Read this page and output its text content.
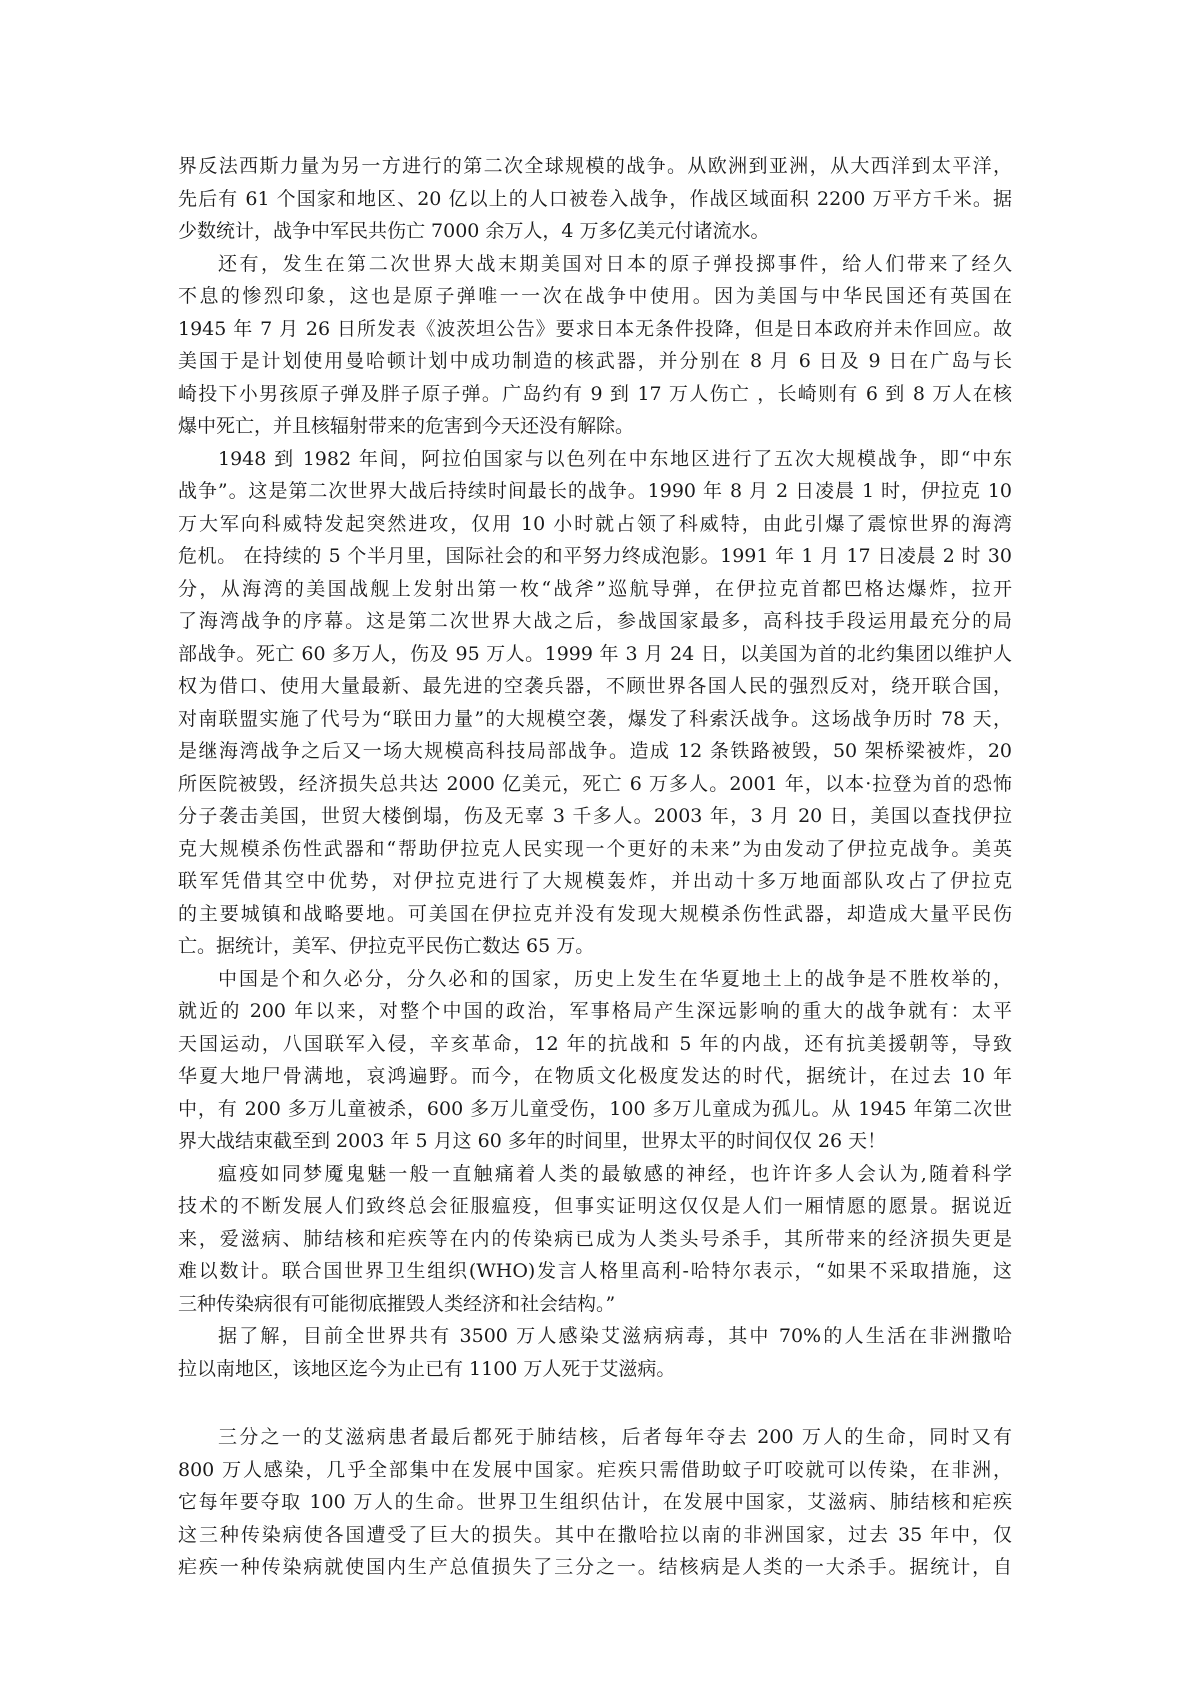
界反法西斯力量为另一方进行的第二次全球规模的战争。从欧洲到亚洲，从大西洋到太平洋，
先后有 61 个国家和地区、20 亿以上的人口被卷入战争，作战区域面积 2200 万平方千米。据
少数统计，战争中军民共伤亡 7000 余万人，4 万多亿美元付诸流水。
还有，发生在第二次世界大战末期美国对日本的原子弹投掷事件，给人们带来了经久
不息的惨烈印象，这也是原子弹唯一一次在战争中使用。因为美国与中华民国还有英国在
1945 年 7 月 26 日所发表《波茨坦公告》要求日本无条件投降，但是日本政府并未作回应。故
美国于是计划使用曼哈顿计划中成功制造的核武器，并分别在 8 月 6 日及 9 日在广岛与长
崎投下小男孩原子弹及胖子原子弹。广岛约有 9 到 17 万人伤亡 ，长崎则有 6 到 8 万人在核
爆中死亡，并且核辐射带来的危害到今天还没有解除。
1948 到 1982 年间，阿拉伯国家与以色列在中东地区进行了五次大规模战争，即“中东
战争”。这是第二次世界大战后持续时间最长的战争。1990 年 8 月 2 日凌晨 1 时，伊拉克 10
万大军向科威特发起突然进攻，仅用 10 小时就占领了科威特，由此引爆了震惊世界的海湾
危机。 在持续的 5 个半月里，国际社会的和平努力终成泡影。1991 年 1 月 17 日凌晨 2 时 30
分，从海湾的美国战舰上发射出第一枚“战斧”巡航导弹，在伊拉克首都巴格达爆炸，拉开
了海湾战争的序幕。这是第二次世界大战之后，参战国家最多，高科技手段运用最充分的局
部战争。死亡 60 多万人，伤及 95 万人。1999 年 3 月 24 日，以美国为首的北约集团以维护人
权为借口、使用大量最新、最先进的空袭兵器，不顾世界各国人民的强烈反对，绕开联合国，
对南联盟实施了代号为“联田力量”的大规模空袭，爆发了科索沃战争。这场战争历时 78 天，
是继海湾战争之后又一场大规模高科技局部战争。造成 12 条铁路被毁，50 架桥梁被炸，20
所医院被毁，经济损失总共达 2000 亿美元，死亡 6 万多人。2001 年，以本·拉登为首的恐怖
分子袭击美国，世贸大楼倒塌，伤及无辜 3 千多人。2003 年，3 月 20 日，美国以查找伊拉
克大规模杀伤性武器和“帮助伊拉克人民实现一个更好的未来”为由发动了伊拉克战争。美英
联军凭借其空中优势，对伊拉克进行了大规模轰炸，并出动十多万地面部队攻占了伊拉克
的主要城镇和战略要地。可美国在伊拉克并没有发现大规模杀伤性武器，却造成大量平民伤
亡。据统计，美军、伊拉克平民伤亡数达 65 万。
中国是个和久必分，分久必和的国家，历史上发生在华夏地土上的战争是不胜枚举的，
就近的 200 年以来，对整个中国的政治，军事格局产生深远影响的重大的战争就有：太平
天国运动，八国联军入侵，辛亥革命，12 年的抗战和 5 年的内战，还有抗美援朝等，导致
华夏大地尸骨满地，哀鸿遍野。而今，在物质文化极度发达的时代，据统计，在过去 10 年
中，有 200 多万儿童被杀，600 多万儿童受伤，100 多万儿童成为孤儿。从 1945 年第二次世
界大战结束截至到 2003 年 5 月这 60 多年的时间里，世界太平的时间仅仅 26 天！
瘟疫如同梦魇鬼魅一般一直触痛着人类的最敏感的神经，也许许多人会认为,随着科学
技术的不断发展人们致终总会征服瘟疫，但事实证明这仅仅是人们一厢情愿的愿景。据说近
来，爱滋病、肺结核和疟疾等在内的传染病已成为人类头号杀手，其所带来的经济损失更是
难以数计。联合国世界卫生组织(WHO)发言人格里高利-哈特尔表示，“如果不采取措施，这
三种传染病很有可能彻底摧毁人类经济和社会结构。”
据了解，目前全世界共有 3500 万人感染艾滋病病毒，其中 70%的人生活在非洲撒哈
拉以南地区，该地区迄今为止已有 1100 万人死于艾滋病。
三分之一的艾滋病患者最后都死于肺结核，后者每年夺去 200 万人的生命，同时又有
800 万人感染，几乎全部集中在发展中国家。疟疾只需借助蚊子叮咬就可以传染，在非洲，
它每年要夺取 100 万人的生命。世界卫生组织估计，在发展中国家，艾滋病、肺结核和疟疾
这三种传染病使各国遭受了巨大的损失。其中在撒哈拉以南的非洲国家，过去 35 年中，仅
疟疾一种传染病就使国内生产总值损失了三分之一。结核病是人类的一大杀手。据统计，自
